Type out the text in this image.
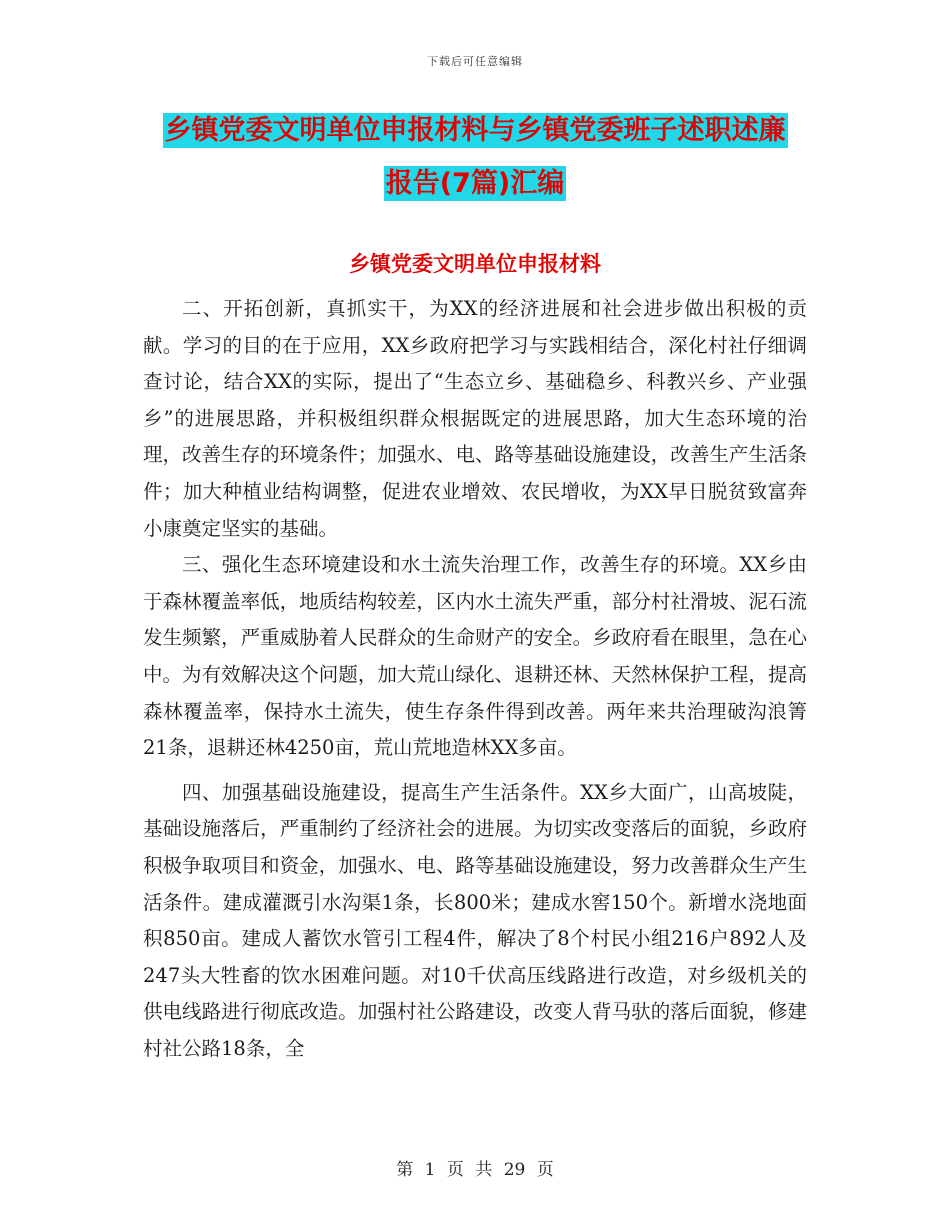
下载后可任意编辑
乡镇党委文明单位申报材料与乡镇党委班子述职述廉
报告(7篇)汇编
乡镇党委文明单位申报材料

二、开拓创新，真抓实干，为XX的经济进展和社会进步做出积极的贡献。学习的目的在于应用，XX乡政府把学习与实践相结合，深化村社仔细调查讨论，结合XX的实际，提出了“生态立乡、基础稳乡、科教兴乡、产业强乡”的进展思路，并积极组织群众根据既定的进展思路，加大生态环境的治理，改善生存的环境条件；加强水、电、路等基础设施建设，改善生产生活条件；加大种植业结构调整，促进农业增效、农民增收，为XX早日脱贫致富奔小康奠定坚实的基础。

三、强化生态环境建设和水土流失治理工作，改善生存的环境。XX乡由于森林覆盖率低，地质结构较差，区内水土流失严重，部分村社滑坡、泥石流发生频繁，严重威胁着人民群众的生命财产的安全。乡政府看在眼里，急在心中。为有效解决这个问题，加大荒山绿化、退耕还林、天然林保护工程，提高森林覆盖率，保持水土流失，使生存条件得到改善。两年来共治理破沟浪箐21条，退耕还林4250亩，荒山荒地造林XX多亩。

四、加强基础设施建设，提高生产生活条件。XX乡大面广，山高坡陡，基础设施落后，严重制约了经济社会的进展。为切实改变落后的面貌，乡政府积极争取项目和资金，加强水、电、路等基础设施建设，努力改善群众生产生活条件。建成灌溉引水沟渠1条，长800米；建成水窖150个。新增水浇地面积850亩。建成人蓄饮水管引工程4件，解决了8个村民小组216户892人及247头大牲畜的饮水困难问题。对10千伏高压线路进行改造，对乡级机关的供电线路进行彻底改造。加强村社公路建设，改变人背马驮的落后面貌，修建村社公路18条，全

第 1 页 共 29 页
